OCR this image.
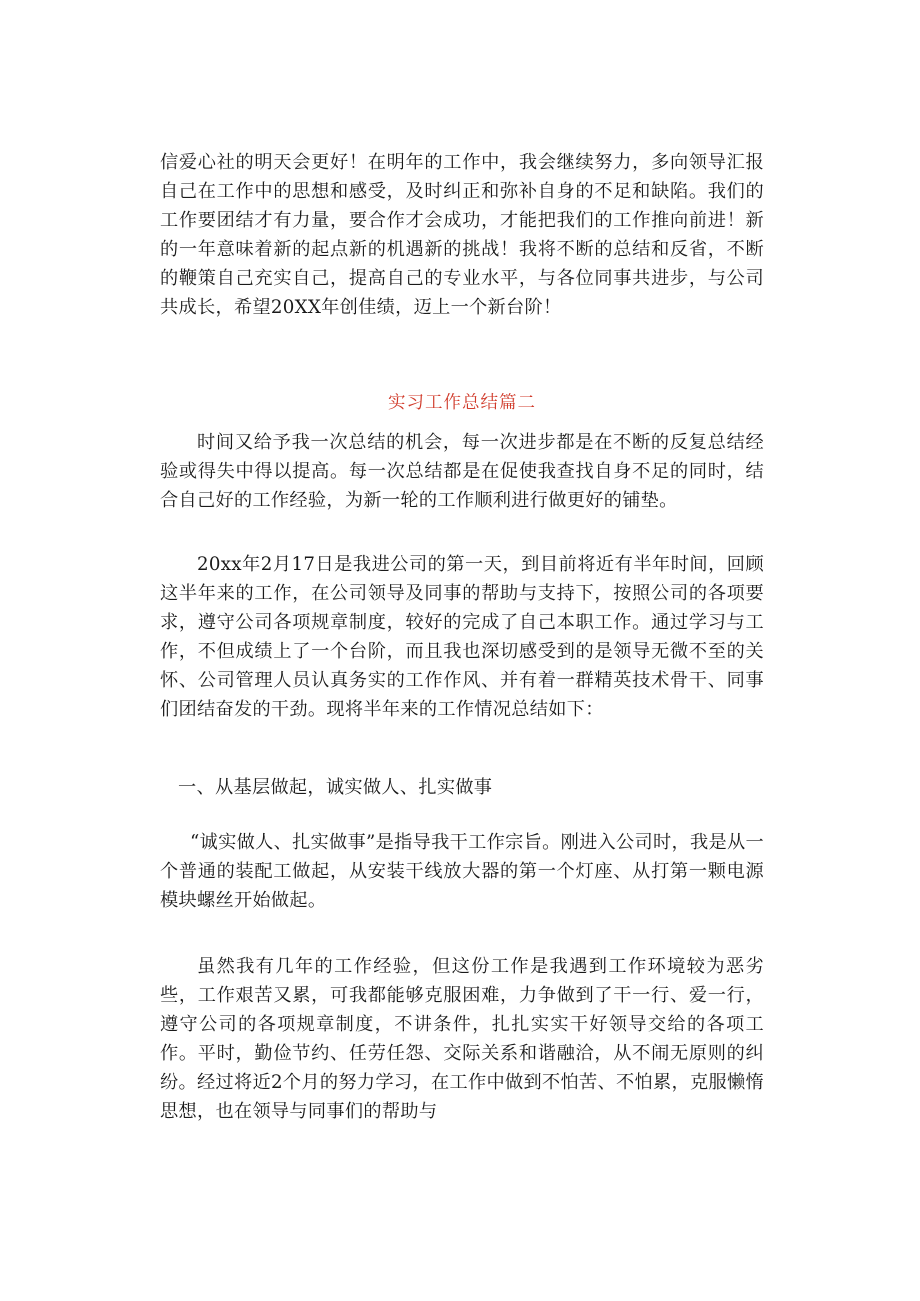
信爱心社的明天会更好！在明年的工作中，我会继续努力，多向领导汇报自己在工作中的思想和感受，及时纠正和弥补自身的不足和缺陷。我们的工作要团结才有力量，要合作才会成功，才能把我们的工作推向前进！新的一年意味着新的起点新的机遇新的挑战！我将不断的总结和反省，不断的鞭策自己充实自己，提高自己的专业水平，与各位同事共进步，与公司共成长，希望20XX年创佳绩，迈上一个新台阶！

实习工作总结篇二

时间又给予我一次总结的机会，每一次进步都是在不断的反复总结经验或得失中得以提高。每一次总结都是在促使我查找自身不足的同时，结合自己好的工作经验，为新一轮的工作顺利进行做更好的铺垫。

20xx年2月17日是我进公司的第一天，到目前将近有半年时间，回顾这半年来的工作，在公司领导及同事的帮助与支持下，按照公司的各项要求，遵守公司各项规章制度，较好的完成了自己本职工作。通过学习与工作，不但成绩上了一个台阶，而且我也深切感受到的是领导无微不至的关怀、公司管理人员认真务实的工作作风、并有着一群精英技术骨干、同事们团结奋发的干劲。现将半年来的工作情况总结如下：

一、从基层做起，诚实做人、扎实做事

“诚实做人、扎实做事”是指导我干工作宗旨。刚进入公司时，我是从一个普通的装配工做起，从安装干线放大器的第一个灯座、从打第一颗电源模块螺丝开始做起。

虽然我有几年的工作经验，但这份工作是我遇到工作环境较为恶劣些，工作艰苦又累，可我都能够克服困难，力争做到了干一行、爱一行，遵守公司的各项规章制度，不讲条件，扎扎实实干好领导交给的各项工作。平时，勤俭节约、任劳任怨、交际关系和谐融洽，从不闹无原则的纠纷。经过将近2个月的努力学习，在工作中做到不怕苦、不怕累，克服懒惰思想，也在领导与同事们的帮助与
